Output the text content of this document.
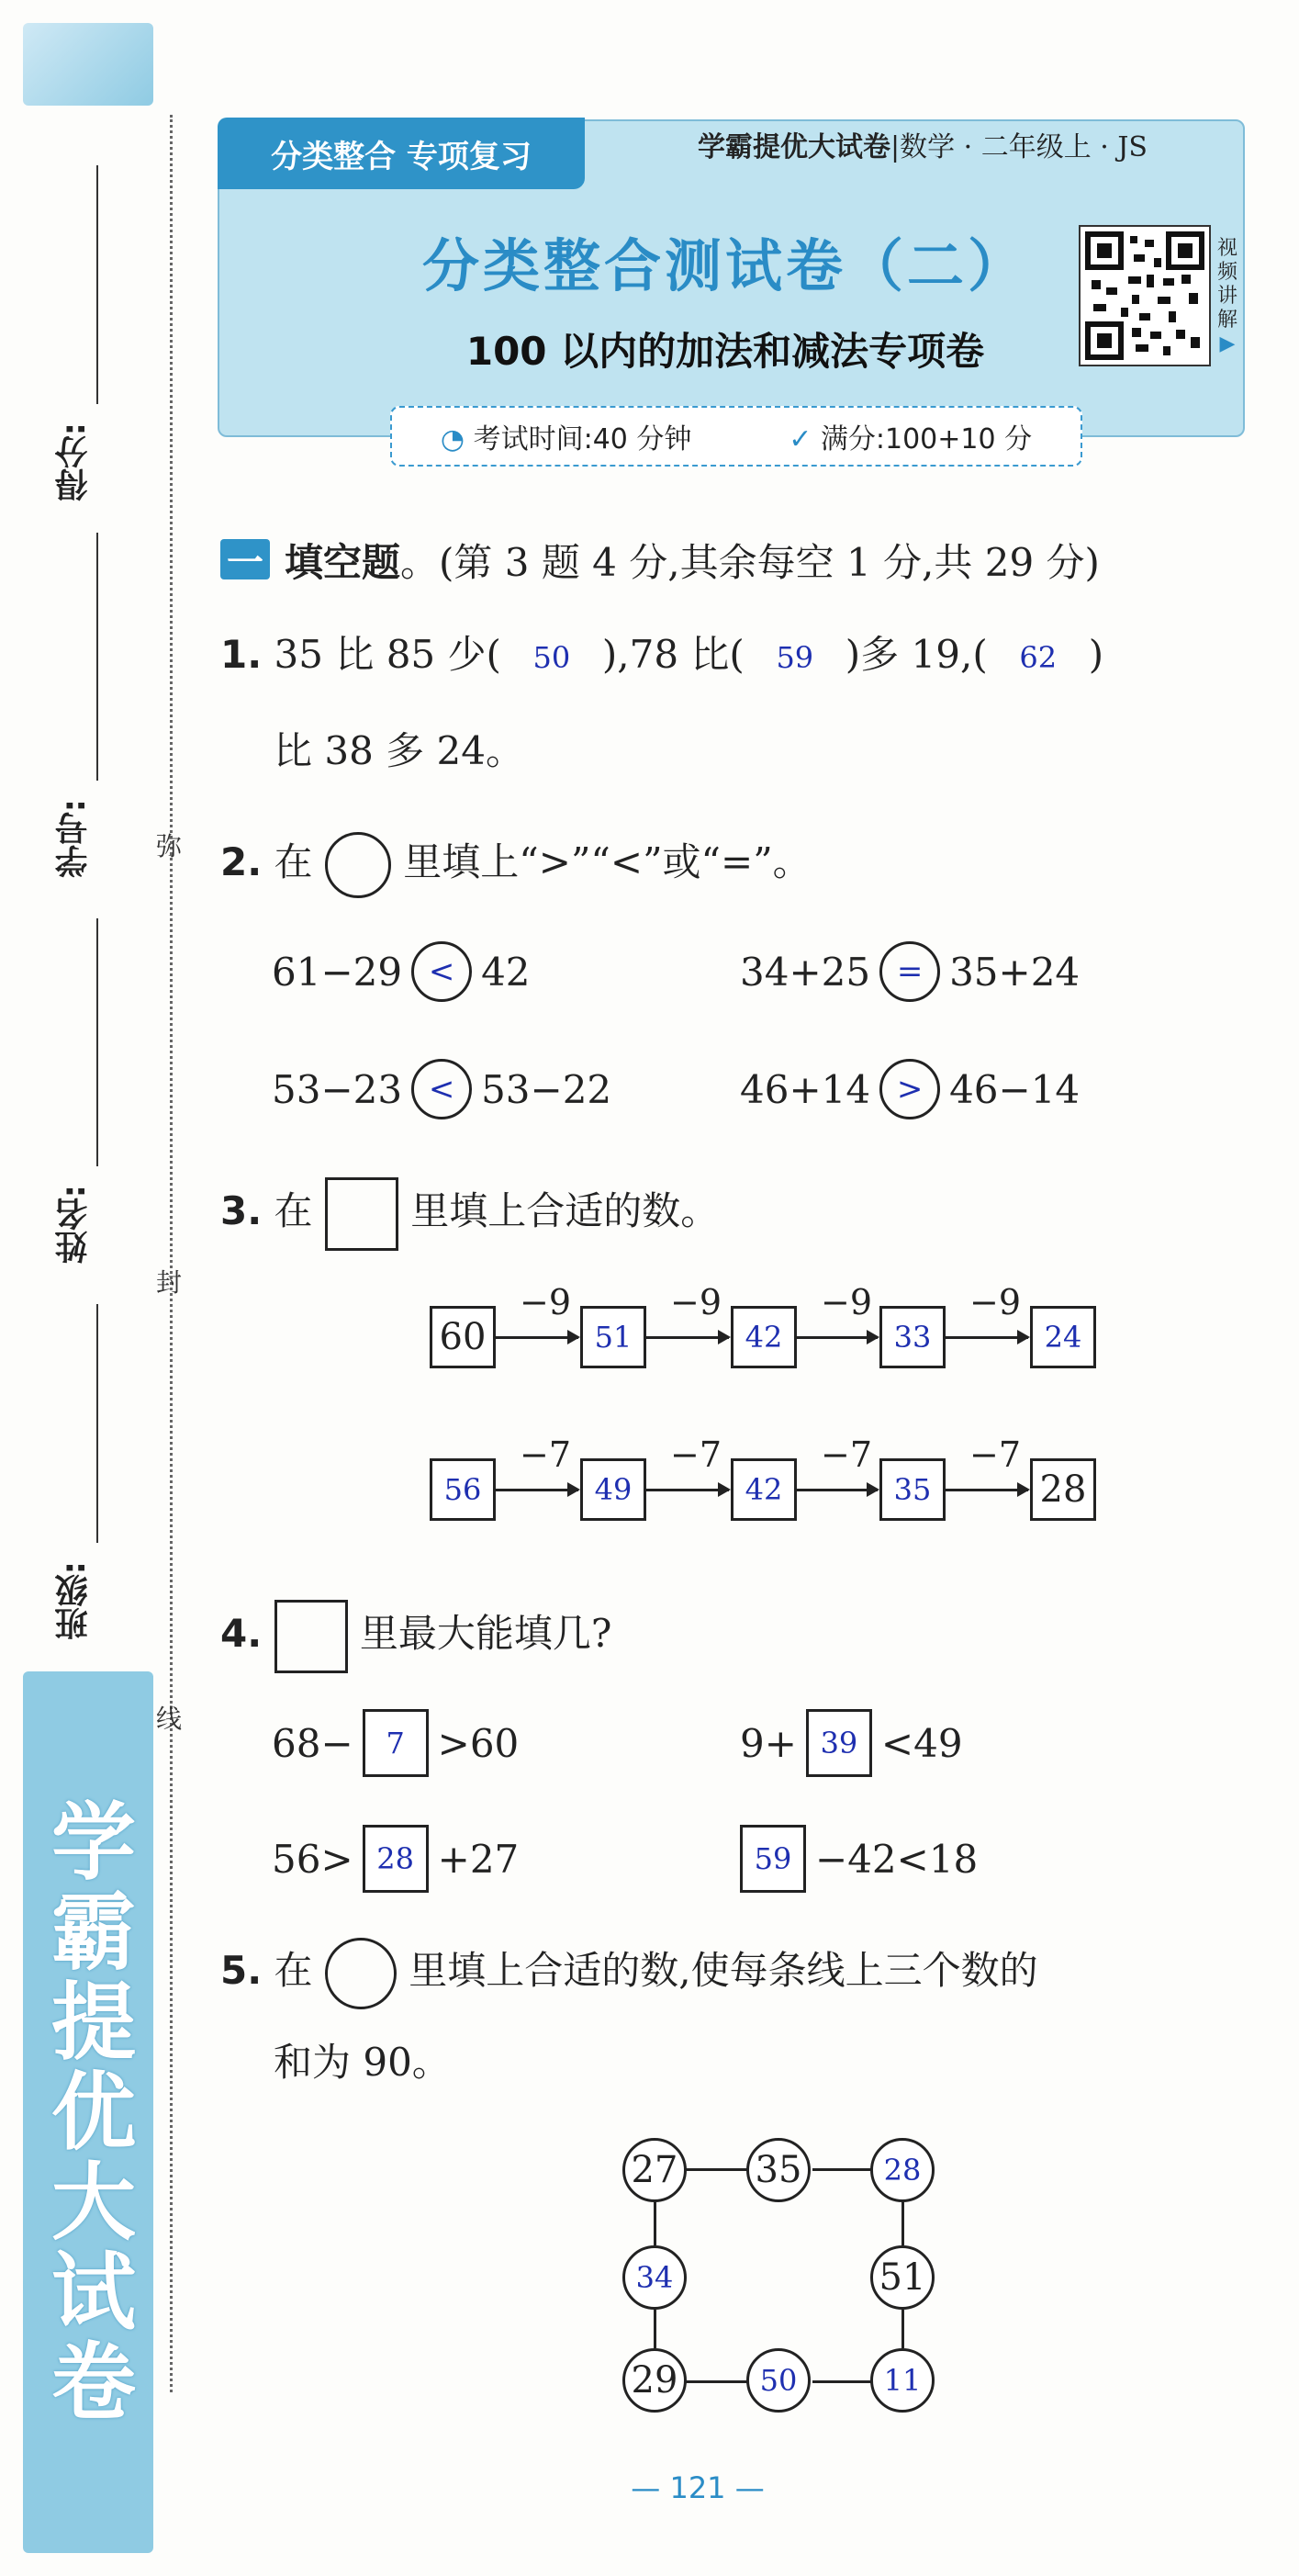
学霸提优大试卷
得分:
学号:
姓名:
班级:
弥
封
线
分类整合 专项复习	学霸提优大试卷|数学 · 二年级上 · JS
分类整合测试卷（二）
100 以内的加法和减法专项卷
视
频
讲
解
▶
◔ 考试时间:40 分钟	✓ 满分:100+10 分
一 填空题。(第 3 题 4 分,其余每空 1 分,共 29 分)
1. 35 比 85 少( 50 ),78 比( 59 )多 19,( 62 )
比 38 多 24。
2. 在 里填上“>”“<”或“=”。
61−29 < 42	34+25 = 35+24
53−23 < 53−22	46+14 > 46−14
3. 在	里填上合适的数。
60
−9
51
−9
42
−9
33
−9
24
56
−7
49
−7
42
−7
35
−7
28
4.	里最大能填几?
68−	7 >60	9+ 39 <49
56> 28 +27	59 −42<18
5. 在 里填上合适的数,使每条线上三个数的
和为 90。
27 35	28
34	51
29	50	11
— 121 —
